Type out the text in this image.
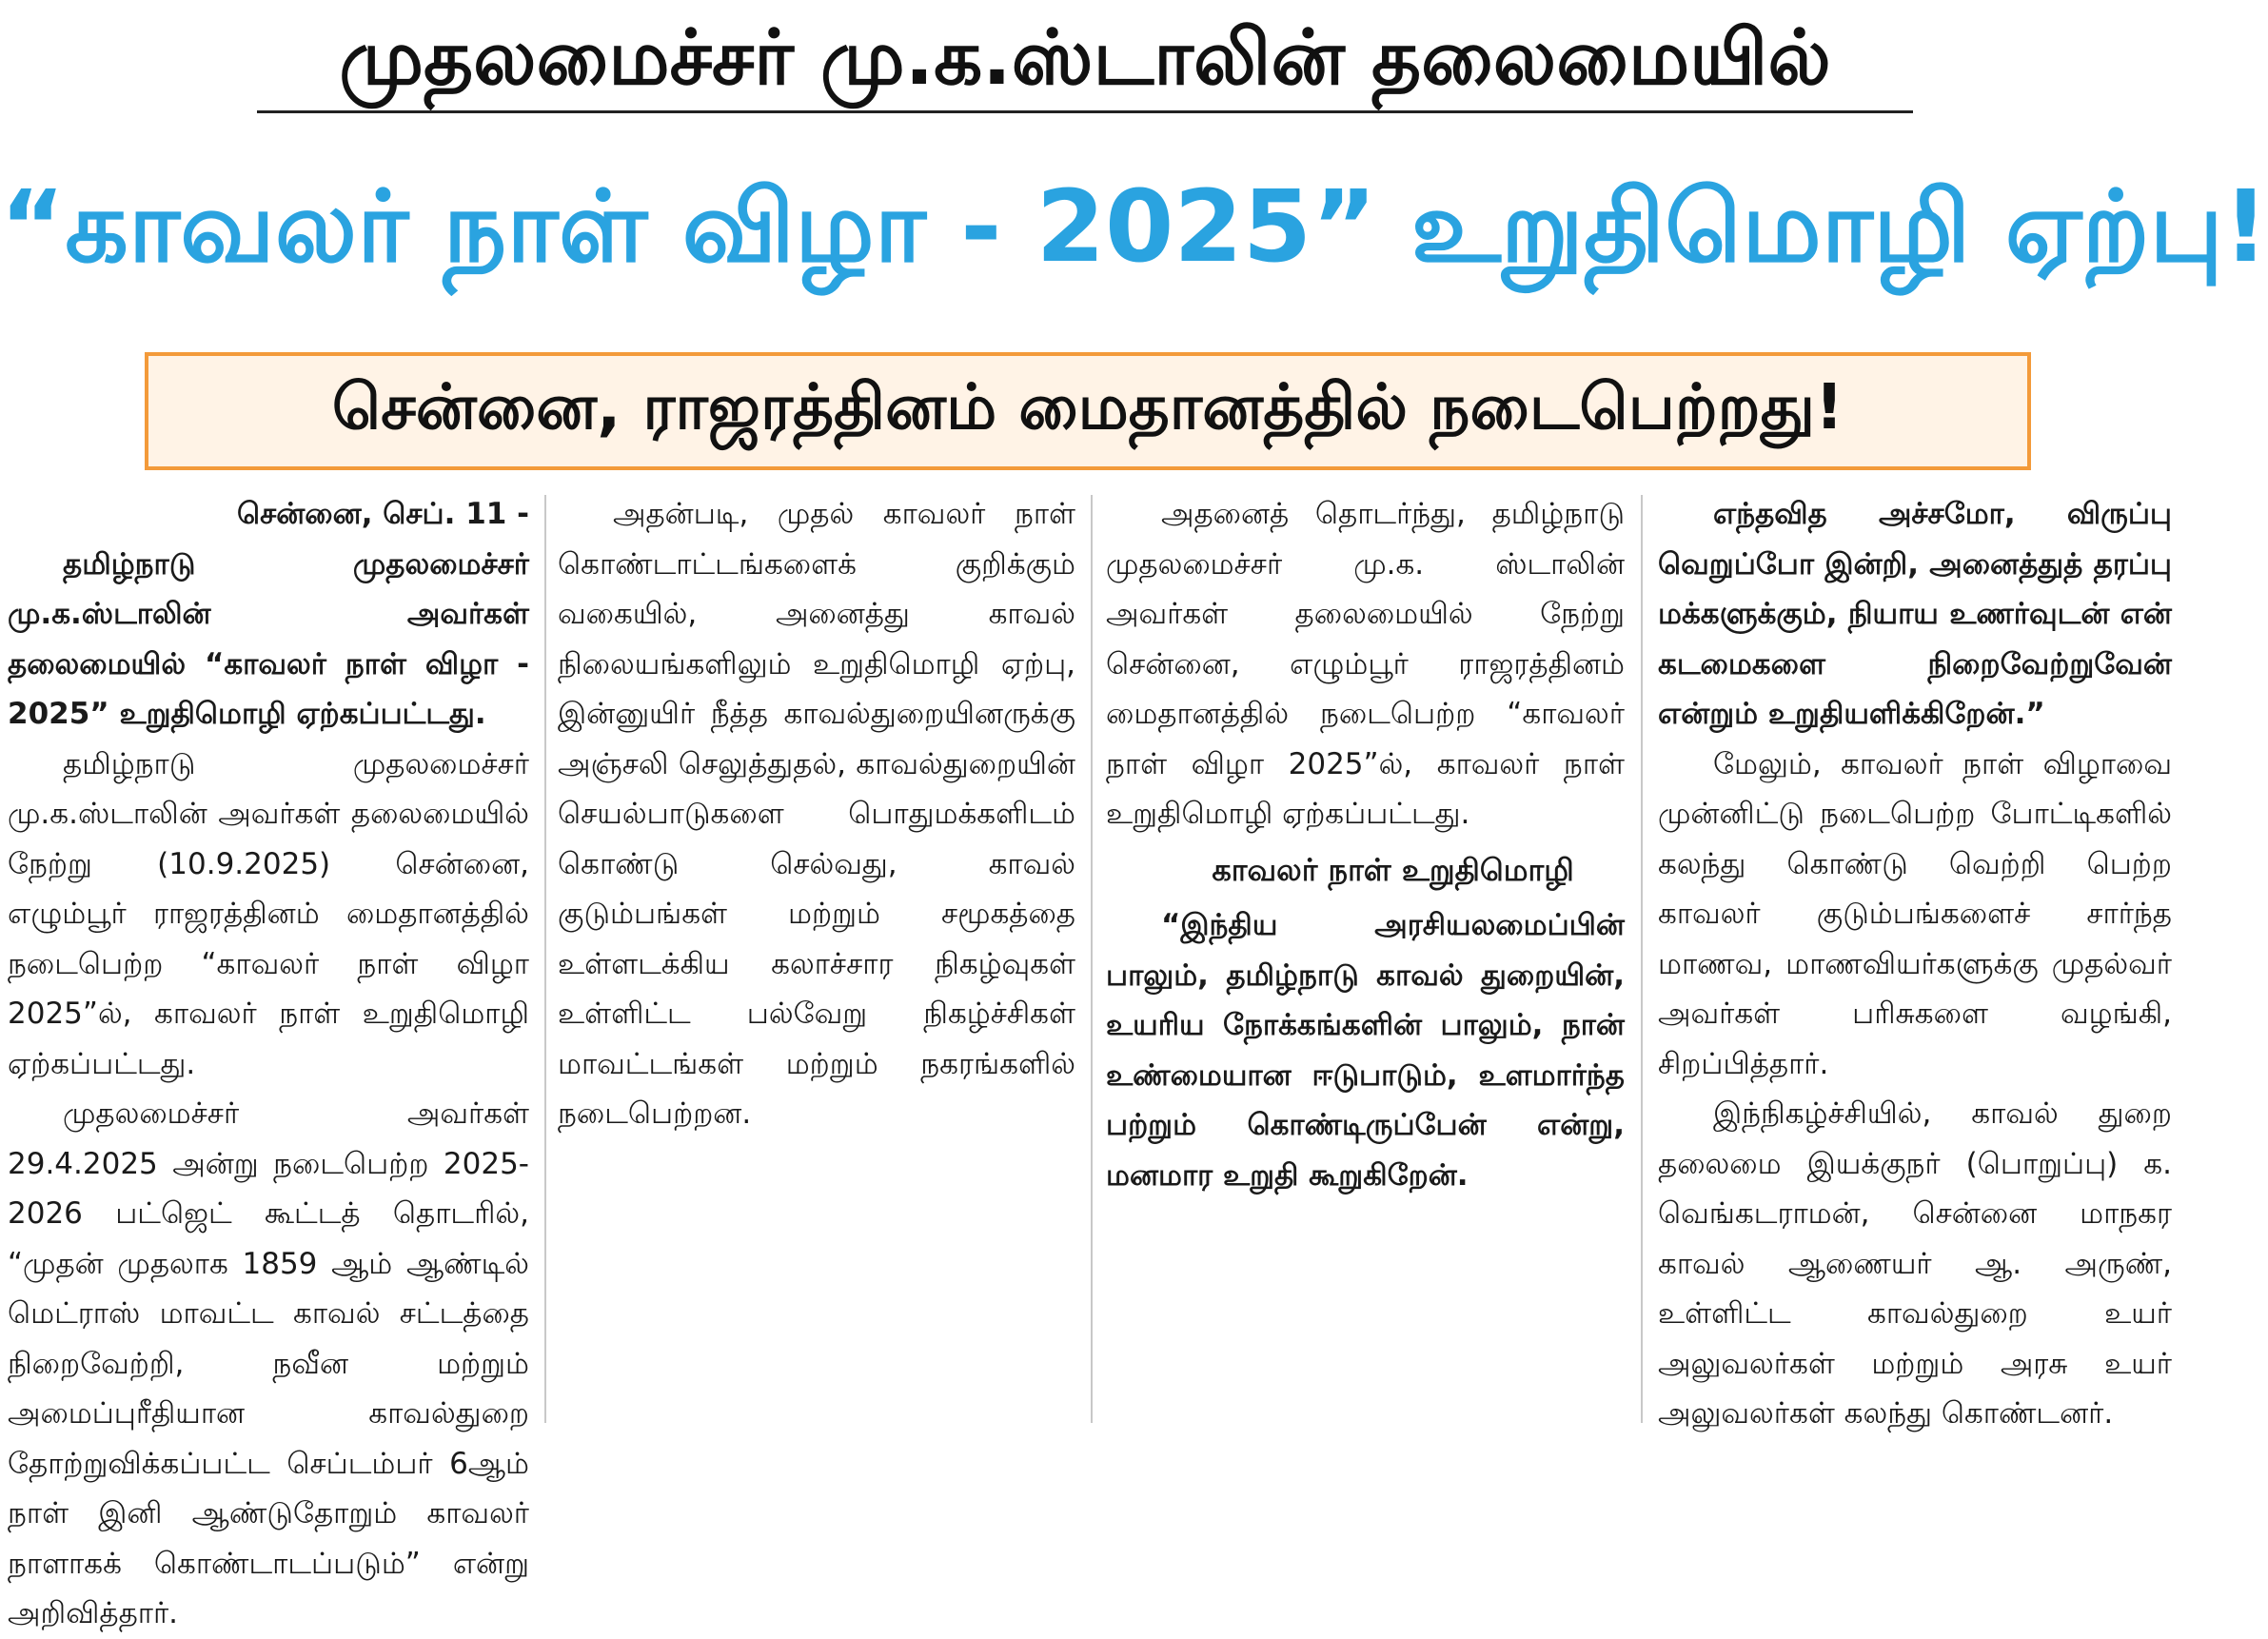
முதலமைச்சர் மு.க.ஸ்டாலின் தலைமையில்
“காவலர் நாள் விழா - 2025” உறுதிமொழி ஏற்பு!
சென்னை, ராஜரத்தினம் மைதானத்தில் நடைபெற்றது!
சென்னை, செப். 11 -

தமிழ்நாடு முதலமைச்சர் மு.க.ஸ்டாலின் அவர்கள் தலைமையில் “காவலர் நாள் விழா - 2025” உறுதிமொழி ஏற்கப்பட்டது.

தமிழ்நாடு முதலமைச்சர் மு.க.ஸ்டாலின் அவர்கள் தலைமையில் நேற்று (10.9.2025) சென்னை, எழும்பூர் ராஜரத்தினம் மைதானத்தில் நடைபெற்ற “காவலர் நாள் விழா 2025”ல், காவலர் நாள் உறுதிமொழி ஏற்கப்பட்டது.

முதலமைச்சர் அவர்கள் 29.4.2025 அன்று நடைபெற்ற 2025-2026 பட்ஜெட் கூட்டத் தொடரில், “முதன் முதலாக 1859 ஆம் ஆண்டில் மெட்ராஸ் மாவட்ட காவல் சட்டத்தை நிறைவேற்றி, நவீன மற்றும் அமைப்புரீதியான காவல்துறை தோற்றுவிக்கப்பட்ட செப்டம்பர் 6ஆம் நாள் இனி ஆண்டுதோறும் காவலர் நாளாகக் கொண்டாடப்படும்” என்று அறிவித்தார்.

அதன்படி, முதல் காவலர் நாள் கொண்டாட்டங்களைக் குறிக்கும் வகையில், அனைத்து காவல் நிலையங்களிலும் உறுதிமொழி ஏற்பு, இன்னுயிர் நீத்த காவல்துறையினருக்கு அஞ்சலி செலுத்துதல், காவல்துறையின் செயல்பாடுகளை பொதுமக்களிடம் கொண்டு செல்வது, காவல் குடும்பங்கள் மற்றும் சமூகத்தை உள்ளடக்கிய கலாச்சார நிகழ்வுகள் உள்ளிட்ட பல்வேறு நிகழ்ச்சிகள் மாவட்டங்கள் மற்றும் நகரங்களில் நடைபெற்றன.

அதனைத் தொடர்ந்து, தமிழ்நாடு முதலமைச்சர் மு.க. ஸ்டாலின் அவர்கள் தலைமையில் நேற்று சென்னை, எழும்பூர் ராஜரத்தினம் மைதானத்தில் நடைபெற்ற “காவலர் நாள் விழா 2025”ல், காவலர் நாள் உறுதிமொழி ஏற்கப்பட்டது.

காவலர் நாள் உறுதிமொழி

“இந்திய அரசியலமைப்பின் பாலும், தமிழ்நாடு காவல் துறையின், உயரிய நோக்கங்களின் பாலும், நான் உண்மையான ஈடுபாடும், உளமார்ந்த பற்றும் கொண்டிருப்பேன் என்று, மனமார உறுதி கூறுகிறேன்.

எந்தவித அச்சமோ, விருப்பு வெறுப்போ இன்றி, அனைத்துத் தரப்பு மக்களுக்கும், நியாய உணர்வுடன் என் கடமைகளை நிறைவேற்றுவேன் என்றும் உறுதியளிக்கிறேன்.”

மேலும், காவலர் நாள் விழாவை முன்னிட்டு நடைபெற்ற போட்டிகளில் கலந்து கொண்டு வெற்றி பெற்ற காவலர் குடும்பங்களைச் சார்ந்த மாணவ, மாணவியர்களுக்கு முதல்வர் அவர்கள் பரிசுகளை வழங்கி, சிறப்பித்தார்.

இந்நிகழ்ச்சியில், காவல் துறை தலைமை இயக்குநர் (பொறுப்பு) க. வெங்கடராமன், சென்னை மாநகர காவல் ஆணையர் ஆ. அருண், உள்ளிட்ட காவல்துறை உயர் அலுவலர்கள் மற்றும் அரசு உயர் அலுவலர்கள் கலந்து கொண்டனர்.
